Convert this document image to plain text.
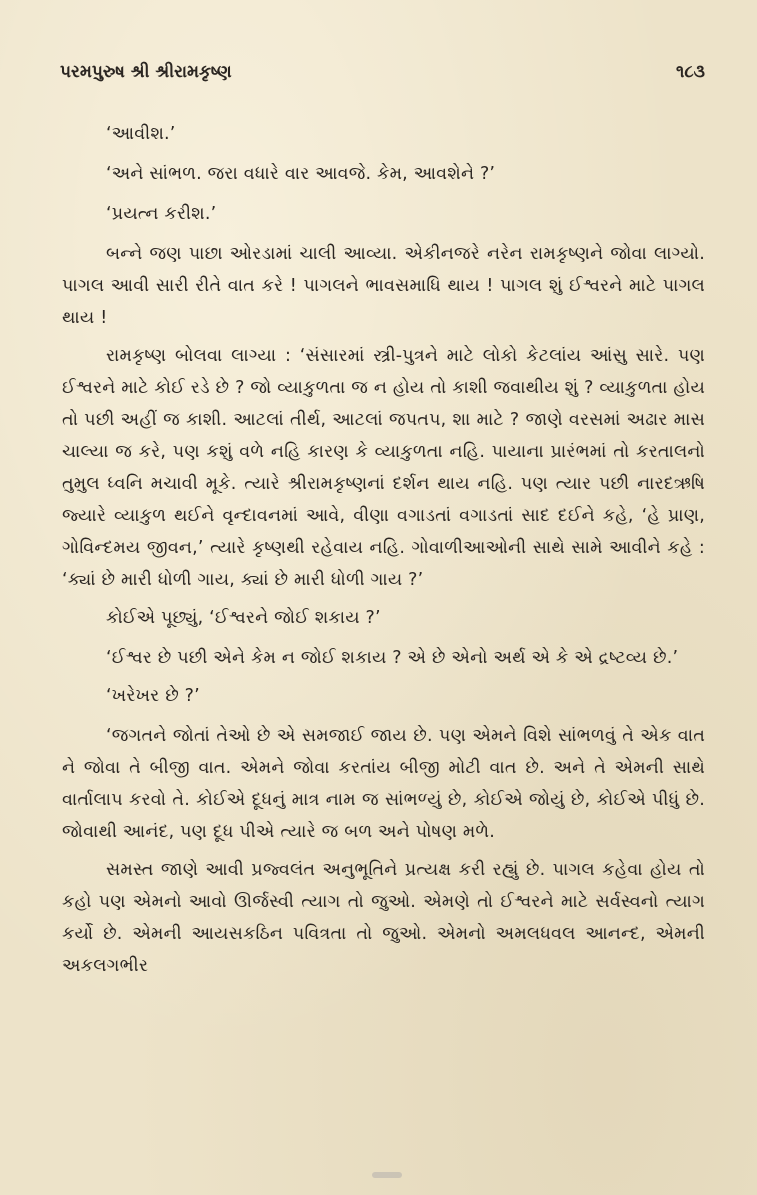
પરમપુરુષ શ્રી શ્રીરામકૃષ્ણ	૧૮૩

‘આવીશ.’

‘અને સાંભળ. જરા વધારે વાર આવજે. કેમ, આવશેને ?’

‘પ્રયત્ન કરીશ.’

બન્ને જણ પાછા ઓરડામાં ચાલી આવ્યા. એકીનજરે નરેન રામકૃષ્ણને જોવા લાગ્યો. પાગલ આવી સારી રીતે વાત કરે ! પાગલને ભાવસમાધિ થાય ! પાગલ શું ઈશ્વરને માટે પાગલ થાય !

રામકૃષ્ણ બોલવા લાગ્યા : ‘સંસારમાં સ્ત્રી-પુત્રને માટે લોકો કેટલાંય આંસુ સારે. પણ ઈશ્વરને માટે કોઈ રડે છે ? જો વ્યાકુળતા જ ન હોય તો કાશી જવાથીય શું ? વ્યાકુળતા હોય તો પછી અહીં જ કાશી. આટલાં તીર્થ, આટલાં જપતપ, શા માટે ? જાણે વરસમાં અઢાર માસ ચાલ્યા જ કરે, પણ કશું વળે નહિ કારણ કે વ્યાકુળતા નહિ. પાયાના પ્રારંભમાં તો કરતાલનો તુમુલ ધ્વનિ મચાવી મૂકે. ત્યારે શ્રીરામકૃષ્ણનાં દર્શન થાય નહિ. પણ ત્યાર પછી નારદઋષિ જ્યારે વ્યાકુળ થઈને વૃન્દાવનમાં આવે, વીણા વગાડતાં વગાડતાં સાદ દઈને કહે, ‘હે પ્રાણ, ગોવિન્દમય જીવન,’ ત્યારે કૃષ્ણથી રહેવાય નહિ. ગોવાળીઆઓની સાથે સામે આવીને કહે : ‘ક્યાં છે મારી ધોળી ગાય, ક્યાં છે મારી ધોળી ગાય ?’

કોઈએ પૂછ્યું, ‘ઈશ્વરને જોઈ શકાય ?’

‘ઈશ્વર છે પછી એને કેમ ન જોઈ શકાય ? એ છે એનો અર્થ એ કે એ દ્રષ્ટવ્ય છે.’

‘ખરેખર છે ?’

‘જગતને જોતાં તેઓ છે એ સમજાઈ જાય છે. પણ એમને વિશે સાંભળવું તે એક વાત ને જોવા તે બીજી વાત. એમને જોવા કરતાંય બીજી મોટી વાત છે. અને તે એમની સાથે વાર્તાલાપ કરવો તે. કોઈએ દૂધનું માત્ર નામ જ સાંભળ્યું છે, કોઈએ જોયું છે, કોઈએ પીધું છે. જોવાથી આનંદ, પણ દૂધ પીએ ત્યારે જ બળ અને પોષણ મળે.

સમસ્ત જાણે આવી પ્રજ્વલંત અનુભૂતિને પ્રત્યક્ષ કરી રહ્યું છે. પાગલ કહેવા હોય તો કહો પણ એમનો આવો ઊર્જસ્વી ત્યાગ તો જુઓ. એમણે તો ઈશ્વરને માટે સર્વસ્વનો ત્યાગ કર્યો છે. એમની આયસકઠિન પવિત્રતા તો જુઓ. એમનો અમલધવલ આનન્દ, એમની અકલગભીર
